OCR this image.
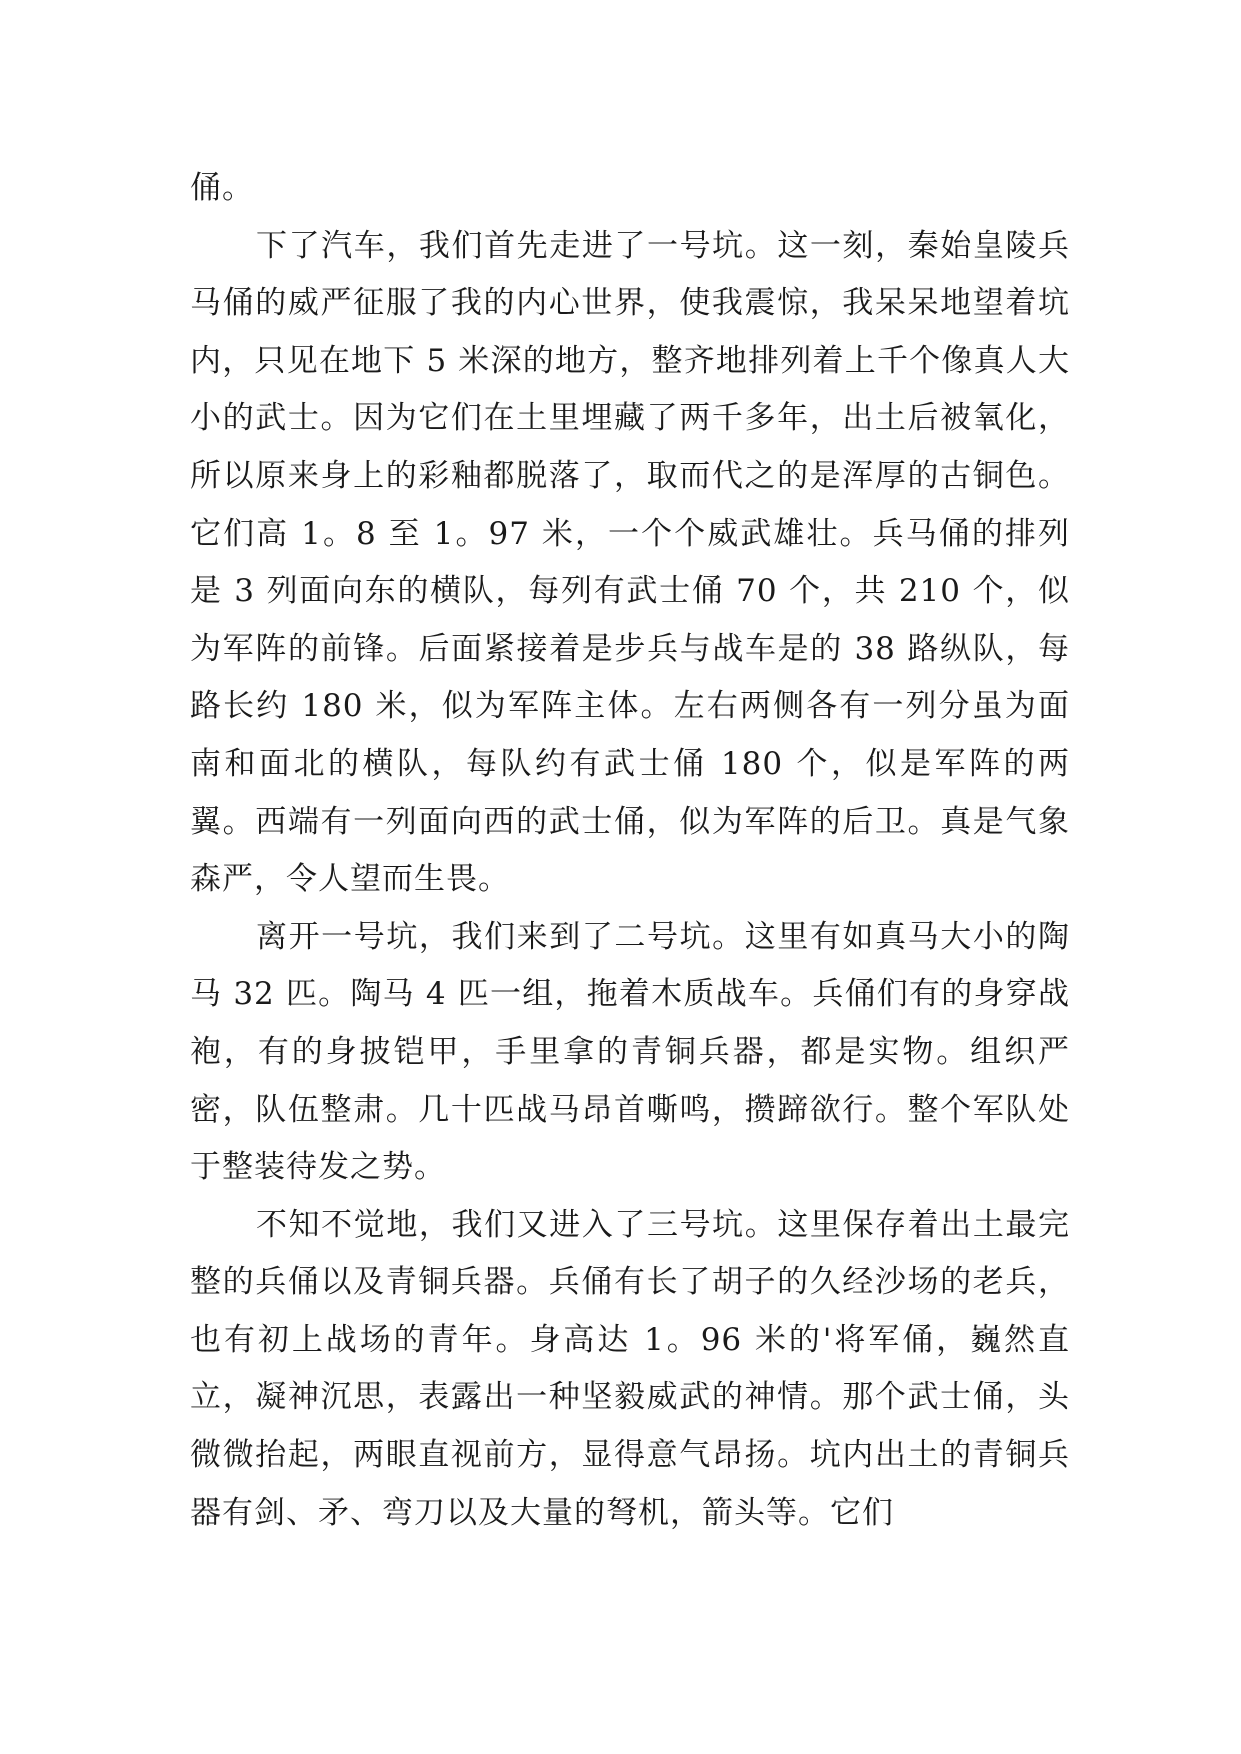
俑。

下了汽车，我们首先走进了一号坑。这一刻，秦始皇陵兵马俑的威严征服了我的内心世界，使我震惊，我呆呆地望着坑内，只见在地下 5 米深的地方，整齐地排列着上千个像真人大小的武士。因为它们在土里埋藏了两千多年，出土后被氧化，所以原来身上的彩釉都脱落了，取而代之的是浑厚的古铜色。它们高 1。8 至 1。97 米，一个个威武雄壮。兵马俑的排列是 3 列面向东的横队，每列有武士俑 70 个，共 210 个，似为军阵的前锋。后面紧接着是步兵与战车是的 38 路纵队，每路长约 180 米，似为军阵主体。左右两侧各有一列分虽为面南和面北的横队，每队约有武士俑 180 个，似是军阵的两翼。西端有一列面向西的武士俑，似为军阵的后卫。真是气象森严，令人望而生畏。

离开一号坑，我们来到了二号坑。这里有如真马大小的陶马 32 匹。陶马 4 匹一组，拖着木质战车。兵俑们有的身穿战袍，有的身披铠甲，手里拿的青铜兵器，都是实物。组织严密，队伍整肃。几十匹战马昂首嘶鸣，攒蹄欲行。整个军队处于整装待发之势。

不知不觉地，我们又进入了三号坑。这里保存着出土最完整的兵俑以及青铜兵器。兵俑有长了胡子的久经沙场的老兵，也有初上战场的青年。身高达 1。96 米的'将军俑，巍然直立，凝神沉思，表露出一种坚毅威武的神情。那个武士俑，头微微抬起，两眼直视前方，显得意气昂扬。坑内出土的青铜兵器有剑、矛、弯刀以及大量的弩机，箭头等。它们
